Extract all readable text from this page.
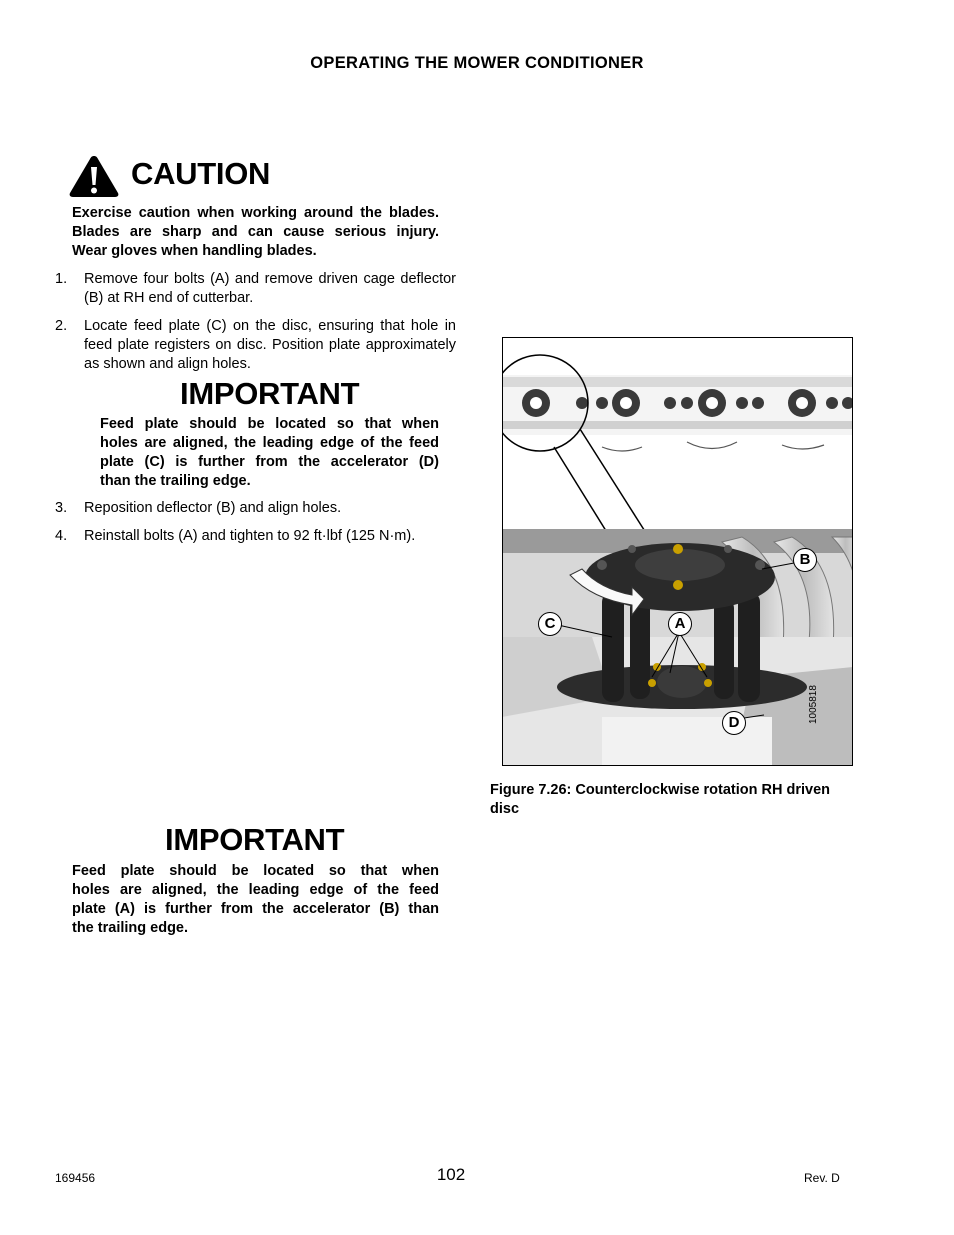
OPERATING THE MOWER CONDITIONER
CAUTION
Exercise caution when working around the blades.
Blades are sharp and can cause serious injury.
Wear gloves when handling blades.
1. Remove four bolts (A) and remove driven cage deflector (B) at RH end of cutterbar.
2. Locate feed plate (C) on the disc, ensuring that hole in feed plate registers on disc. Position plate approximately as shown and align holes.
3. Reposition deflector (B) and align holes.
4. Reinstall bolts (A) and tighten to 92 ft·lbf (125 N·m).
IMPORTANT
Feed plate should be located so that when
holes are aligned, the leading edge of the feed
plate (C) is further from the accelerator (D)
than the trailing edge.
B
C	A
D	1005818
Figure 7.26: Counterclockwise rotation RH driven disc
IMPORTANT
Feed plate should be located so that when
holes are aligned, the leading edge of the feed
plate (A) is further from the accelerator (B) than
the trailing edge.
169456	102	Rev. D
